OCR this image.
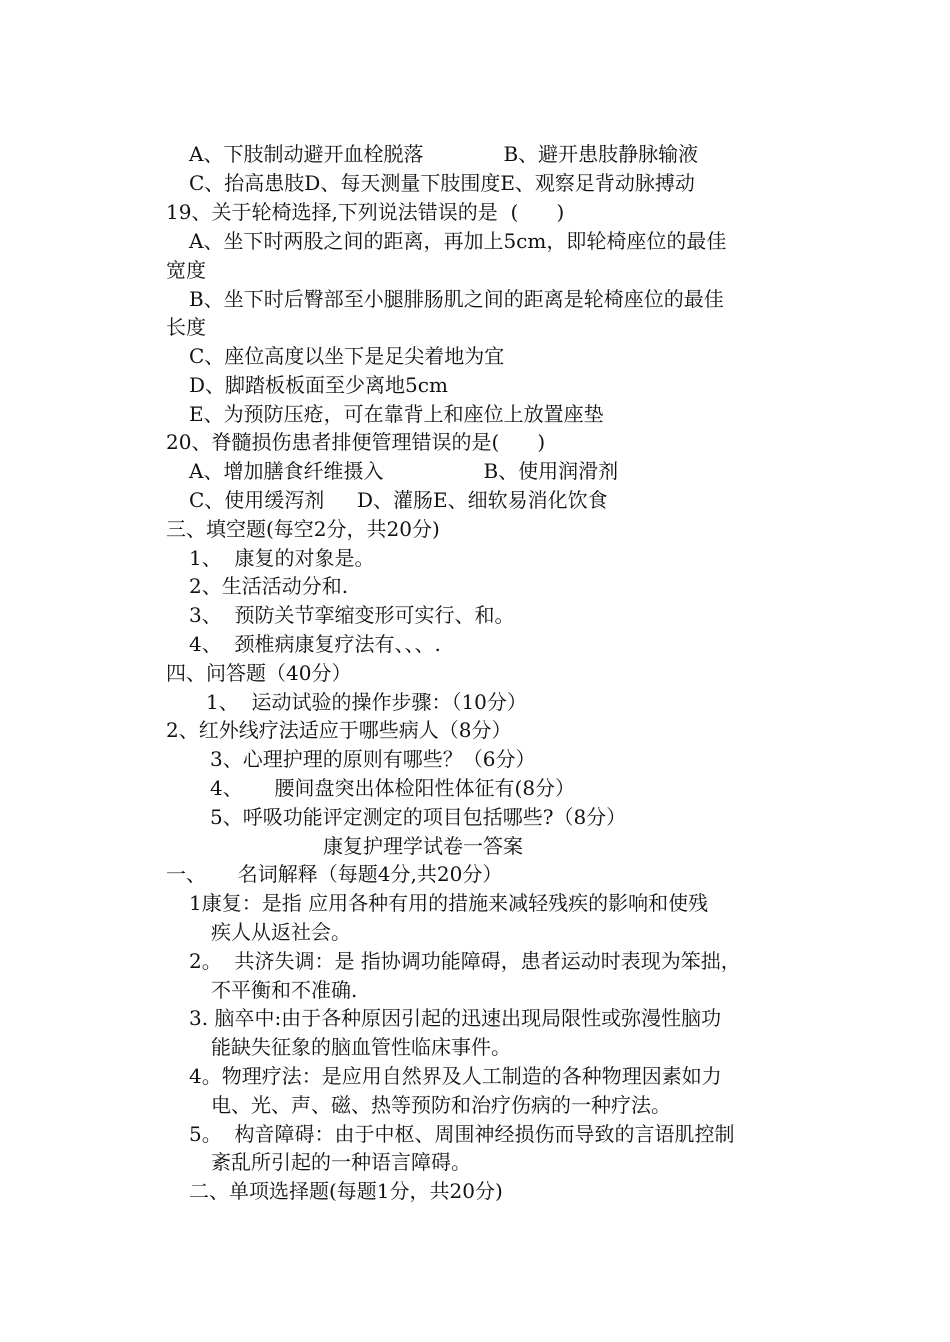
A、下肢制动避开血栓脱落　　　　B、避开患肢静脉输液
C、抬高患肢D、每天测量下肢围度E、观察足背动脉搏动
19、关于轮椅选择,下列说法错误的是  (      )
A、坐下时两股之间的距离，再加上5cm，即轮椅座位的最佳
宽度
B、坐下时后臀部至小腿腓肠肌之间的距离是轮椅座位的最佳
长度
C、座位高度以坐下是足尖着地为宜
D、脚踏板板面至少离地5cm
E、为预防压疮，可在靠背上和座位上放置座垫
20、脊髓损伤患者排便管理错误的是(      )
A、增加膳食纤维摄入　　　　　B、使用润滑剂
C、使用缓泻剂　  D、灌肠E、细软易消化饮食
三、填空题(每空2分，共20分)
1、  康复的对象是。
2、生活活动分和.
3、  预防关节挛缩变形可实行、和。
4、  颈椎病康复疗法有、、、.
四、问答题（40分）
1、  运动试验的操作步骤：（10分）
2、红外线疗法适应于哪些病人（8分）
3、心理护理的原则有哪些？（6分）
4、     腰间盘突出体检阳性体征有(8分）
5、呼吸功能评定测定的项目包括哪些?（8分）
康复护理学试卷一答案
一、     名词解释（每题4分,共20分）
1康复：是指 应用各种有用的措施来减轻残疾的影响和使残
疾人从返社会。
2。  共济失调：是 指协调功能障碍，患者运动时表现为笨拙，
不平衡和不准确.
3. 脑卒中:由于各种原因引起的迅速出现局限性或弥漫性脑功
能缺失征象的脑血管性临床事件。
4。物理疗法：是应用自然界及人工制造的各种物理因素如力
电、光、声、磁、热等预防和治疗伤病的一种疗法。
5。  构音障碍：由于中枢、周围神经损伤而导致的言语肌控制
紊乱所引起的一种语言障碍。
二、单项选择题(每题1分，共20分)
